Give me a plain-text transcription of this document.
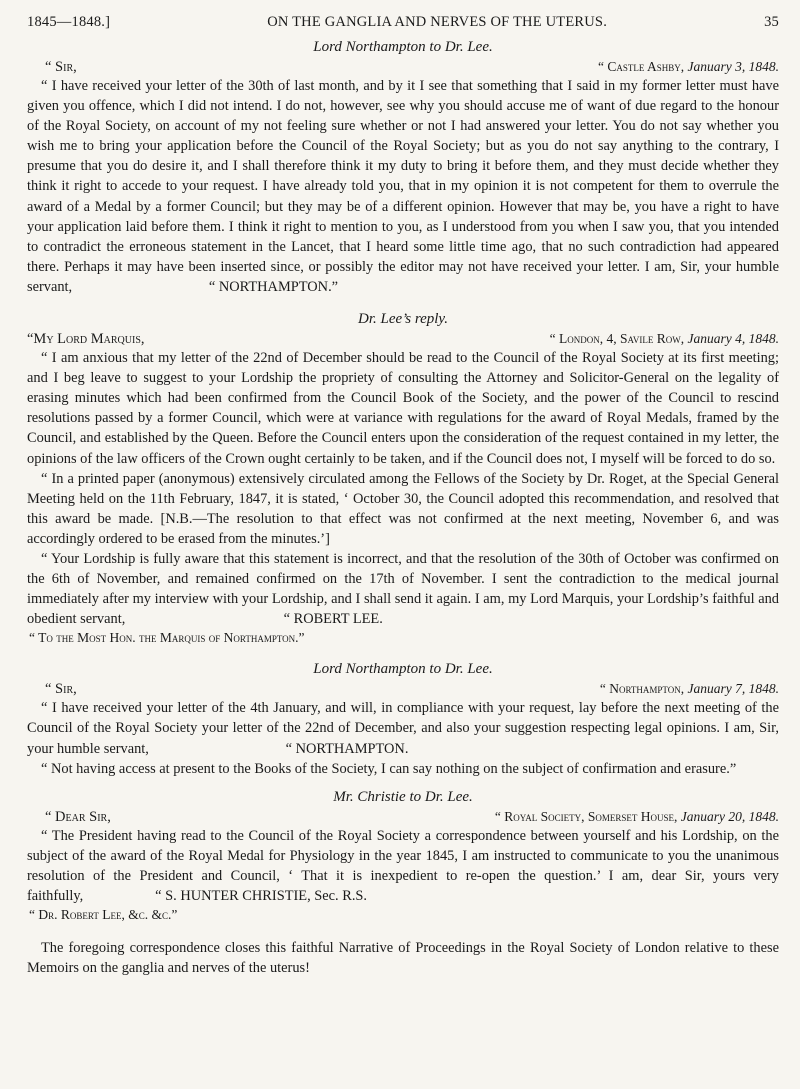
1845—1848.]	ON THE GANGLIA AND NERVES OF THE UTERUS.	35
Lord Northampton to Dr. Lee.
“ Sir,	“ Castle Ashby, January 3, 1848.

“ I have received your letter of the 30th of last month, and by it I see that something that I said in my former letter must have given you offence, which I did not intend. I do not, however, see why you should accuse me of want of due regard to the honour of the Royal Society, on account of my not feeling sure whether or not I had answered your letter. You do not say whether you wish me to bring your application before the Council of the Royal Society; but as you do not say anything to the contrary, I presume that you do desire it, and I shall therefore think it my duty to bring it before them, and they must decide whether they think it right to accede to your request. I have already told you, that in my opinion it is not competent for them to overrule the award of a Medal by a former Council; but they may be of a different opinion. However that may be, you have a right to have your application laid before them. I think it right to mention to you, as I understood from you when I saw you, that you intended to contradict the erroneous statement in the Lancet, that I heard some little time ago, that no such contradiction had appeared there. Perhaps it may have been inserted since, or possibly the editor may not have received your letter. I am, Sir, your humble servant,	“ NORTHAMPTON.”

Dr. Lee’s reply.
“My Lord Marquis,	“ London, 4, Savile Row, January 4, 1848.

“ I am anxious that my letter of the 22nd of December should be read to the Council of the Royal Society at its first meeting; and I beg leave to suggest to your Lordship the propriety of consulting the Attorney and Solicitor-General on the legality of erasing minutes which had been confirmed from the Council Book of the Society, and the power of the Council to rescind resolutions passed by a former Council, which were at variance with regulations for the award of Royal Medals, framed by the Council, and established by the Queen. Before the Council enters upon the consideration of the request contained in my letter, the opinions of the law officers of the Crown ought certainly to be taken, and if the Council does not, I myself will be forced to do so.

“ In a printed paper (anonymous) extensively circulated among the Fellows of the Society by Dr. Roget, at the Special General Meeting held on the 11th February, 1847, it is stated, ‘ October 30, the Council adopted this recommendation, and resolved that this award be made. [N.B.—The resolution to that effect was not confirmed at the next meeting, November 6, and was accordingly ordered to be erased from the minutes.’]

“ Your Lordship is fully aware that this statement is incorrect, and that the resolution of the 30th of October was confirmed on the 6th of November, and remained confirmed on the 17th of November. I sent the contradiction to the medical journal immediately after my interview with your Lordship, and I shall send it again. I am, my Lord Marquis, your Lordship’s faithful and obedient servant,	“ ROBERT LEE.

“ To the Most Hon. the Marquis of Northampton.”
Lord Northampton to Dr. Lee.
“ Sir,	“ Northampton, January 7, 1848.

“ I have received your letter of the 4th January, and will, in compliance with your request, lay before the next meeting of the Council of the Royal Society your letter of the 22nd of December, and also your suggestion respecting legal opinions. I am, Sir, your humble servant,	“ NORTHAMPTON.

“ Not having access at present to the Books of the Society, I can say nothing on the subject of confirmation and erasure.”

Mr. Christie to Dr. Lee.
“ Dear Sir,	“ Royal Society, Somerset House, January 20, 1848.

“ The President having read to the Council of the Royal Society a correspondence between yourself and his Lordship, on the subject of the award of the Royal Medal for Physiology in the year 1845, I am instructed to communicate to you the unanimous resolution of the President and Council, ‘ That it is inexpedient to re-open the question.’ I am, dear Sir, yours very faithfully,	“ S. HUNTER CHRISTIE, Sec. R.S.

“ Dr. Robert Lee, &c. &c.”

The foregoing correspondence closes this faithful Narrative of Proceedings in the Royal Society of London relative to these Memoirs on the ganglia and nerves of the uterus!
